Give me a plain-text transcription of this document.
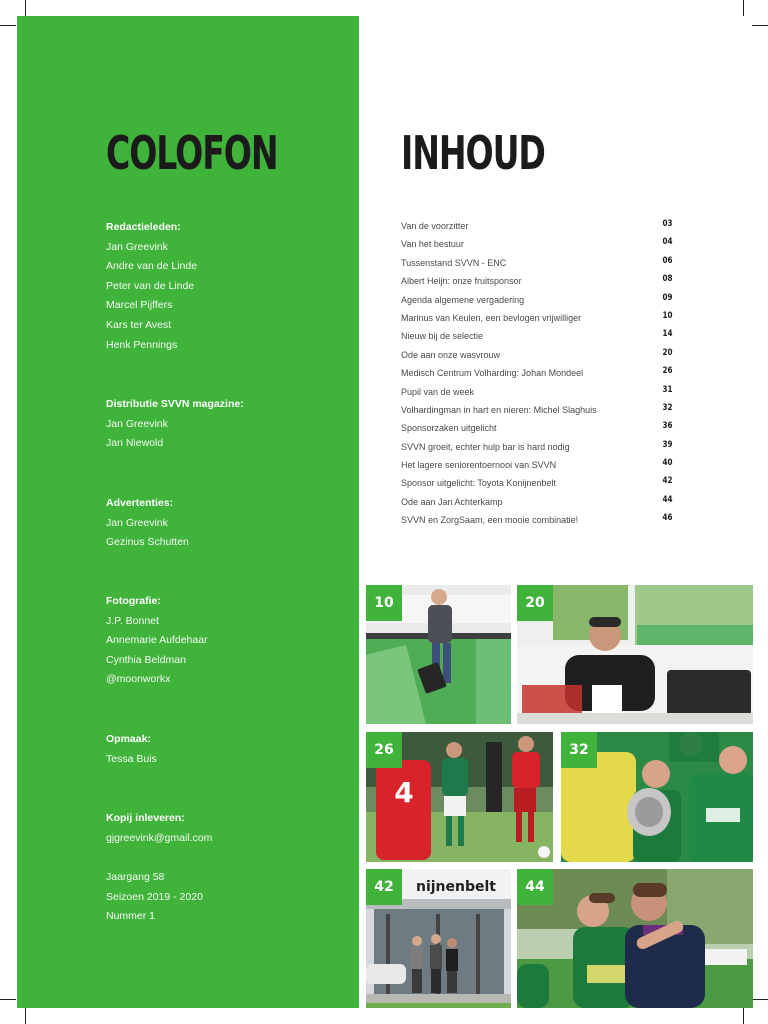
COLOFON	INHOUD
Redactieleden:
Jan Greevink
Andre van de Linde
Peter van de Linde
Marcel Pijffers
Kars ter Avest
Henk Pennings
Distributie SVVN magazine:
Jan Greevink
Jan Niewold
Advertenties:
Jan Greevink
Gezinus Schutten
Fotografie:
J.P. Bonnet
Annemarie Aufdehaar
Cynthia Beldman
@moonworkx
Opmaak:
Tessa Buis
Kopij inleveren:
gjgreevink@gmail.com
Jaargang 58
Seizoen 2019 - 2020
Nummer 1
Van de voorzitter	03
Van het bestuur	04
Tussenstand SVVN - ENC	06
Albert Heijn: onze fruitsponsor	08
Agenda algemene vergadering	09
Marinus van Keulen, een bevlogen vrijwilliger	10
Nieuw bij de selectie	14
Ode aan onze wasvrouw	20
Medisch Centrum Volharding: Johan Mondeel	26
Pupil van de week	31
Volhardingman in hart en nieren: Michel Slaghuis	32
Sponsorzaken uitgelicht	36
SVVN groeit, echter hulp bar is hard nodig	39
Het lagere seniorentoernooi van SVVN	40
Sponsor uitgelicht: Toyota Konijnenbelt	42
Ode aan Jan Achterkamp	44
SVVN en ZorgSaam, een mooie combinatie!	46
10	20
26
4
32
42	nijnenbelt	44
